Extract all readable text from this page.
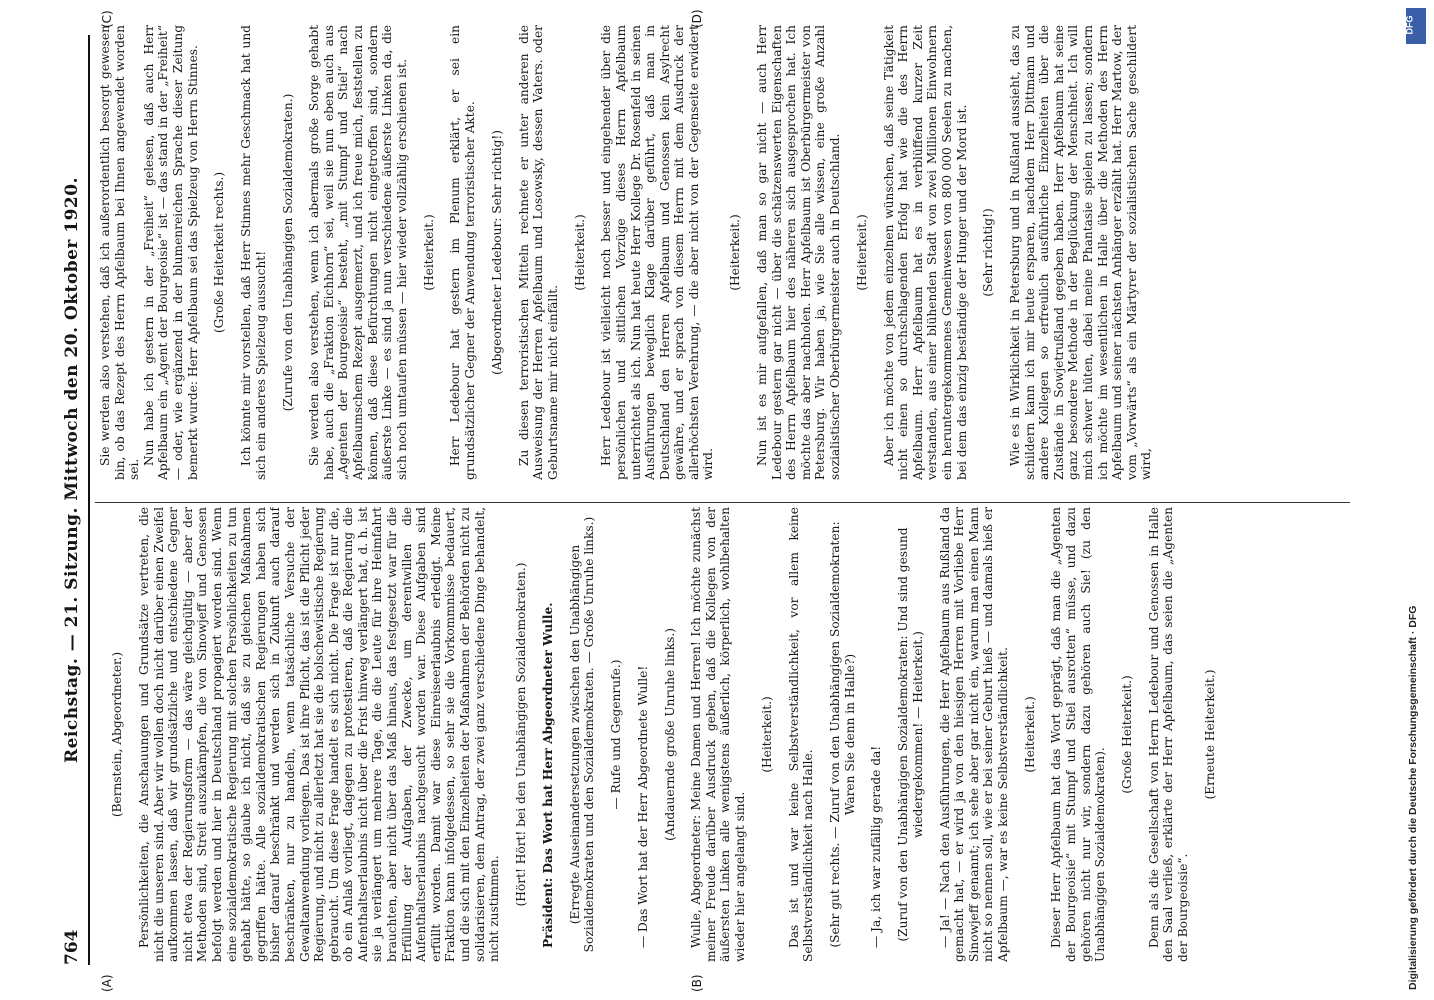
764
Reichstag. — 21. Sitzung. Mittwoch den 20. Oktober 1920. (Bernstein, Abgeordneter.) Persönlichkeiten, die Anschauungen und Grundsätze vertreten, die nicht die unseren sind. Aber wir wollen doch nicht darüber einen Zweifel aufkommen lassen, daß wir grundsätzliche und entschiedene Gegner nicht etwa der Regierungsform — das wäre gleichgültig — aber der Methoden sind, Streit auszukämpfen, die von Sinowjeff und Genossen befolgt werden und hier in Deutschland propagiert worden sind. Wenn eine sozialdemokratische Regierung mit solchen Persönlichkeiten zu tun gehabt hätte, so glaube ich nicht, daß sie zu gleichen Maßnahmen gegriffen hätte. Alle sozialdemokratischen Regierungen haben sich bisher darauf beschränkt und werden sich in Zukunft auch darauf beschränken, nur zu handeln, wenn tatsächliche Versuche der Gewaltanwendung vorliegen. Das ist ihre Pflicht, das ist die Pflicht jeder Regierung, und nicht zu allerletzt hat sie die bolschewistische Regierung gebraucht. Um diese Frage handelt es sich nicht. Die Frage ist nur die, ob ein Anlaß vorliegt, dagegen zu protestieren, daß die Regierung die Aufenthaltserlaubnis nicht über die Frist hinweg verlängert hat, d. h. ist sie ja verlängert um mehrere Tage, die die Leute für ihre Heimfahrt brauchten, aber nicht über das Maß hinaus, das festgesetzt war für die Erfüllung der Aufgaben, der Zwecke, um derentwillen die Aufenthaltserlaubnis nachgesucht worden war. Diese Aufgaben sind erfüllt worden. Damit war diese Einreiseerlaubnis erledigt. Meine Fraktion kann infolgedessen, so sehr sie die Vorkommnisse bedauert, und die sich mit den Einzelheiten der Maßnahmen der Behörden nicht zu solidarisieren, dem Antrag, der zwei ganz verschiedene Dinge behandelt, nicht zustimmen.

(Hört! Hört! bei den Unabhängigen Sozialdemokraten.) Präsident: Das Wort hat Herr Abgeordneter Wulle. (Erregte Auseinandersetzungen zwischen den Unabhängigen Sozialdemokraten und den Sozialdemokraten. — Große Unruhe links.) — Rufe und Gegenrufe.) — Das Wort hat der Herr Abgeordnete Wulle! (Andauernde große Unruhe links.) Wulle, Abgeordneter: Meine Damen und Herren! Ich möchte zunächst meiner Freude darüber Ausdruck geben, daß die Kollegen von der äußersten Linken alle wenigstens äußerlich, körperlich, wohlbehalten wieder hier angelangt sind.

(Heiterkeit.) Das ist und war keine Selbstverständlichkeit, vor allem keine Selbstverständlichkeit nach Halle. (Sehr gut rechts. — Zuruf von den Unabhängigen Sozialdemokraten: Waren Sie denn in Halle?)

— Ja, ich war zufällig gerade da! (Zuruf von den Unabhängigen Sozialdemokraten: Und sind gesund wiedergekommen! — Heiterkeit.) — Ja! — Nach den Ausführungen, die Herr Apfelbaum aus Rußland da gemacht hat, — er wird ja von den hiesigen Herren mit Vorliebe Herr Sinowjeff genannt; ich sehe aber gar nicht ein, warum man einen Mann nicht so nennen soll, wie er bei seiner Geburt hieß — und damals hieß er Apfelbaum —, war es keine Selbstverständlichkeit. (Heiterkeit.) Dieser Herr Apfelbaum hat das Wort geprägt, daß man die „Agenten der Bourgeoisie“ mit Stumpf und Stiel ausrotten“ müsse, und dazu gehören nicht nur wir, sondern dazu gehören auch Sie! (zu den Unabhängigen Sozialdemokraten).

(Große Heiterkeit.) Denn als die Gesellschaft von Herrn Ledebour und Genossen in Halle den Saal verließ, erklärte der Herr Apfelbaum, das seien die „Agenten der Bourgeoisie“.

(Erneute Heiterkeit.)

Sie werden also verstehen, daß ich außerordentlich besorgt gewesen bin, ob das Rezept des Herrn Apfelbaum bei Ihnen angewendet worden sei.

Nun habe ich gestern in der „Freiheit“ gelesen, daß auch Herr Apfelbaum ein „Agent der Bourgeoisie“ ist — das stand in der „Freiheit“ — oder, wie ergänzend in der blumenreichen Sprache dieser Zeitung bemerkt wurde: Herr Apfelbaum sei das Spielzeug von Herrn Stinnes. (Große Heiterkeit rechts.) Ich könnte mir vorstellen, daß Herr Stinnes mehr Geschmack hat und sich ein anderes Spielzeug aussucht! (Zurufe von den Unabhängigen Sozialdemokraten.) Sie werden also verstehen, wenn ich abermals große Sorge gehabt habe, auch die „Fraktion Eichhorn“ sei, weil sie nun eben auch aus „Agenten der Bourgeoisie“ besteht, „mit Stumpf und Stiel“ nach Apfelbaumschem Rezept ausgemerzt, und ich freue mich, feststellen zu können, daß diese Befürchtungen nicht eingetroffen sind, sondern äußerste Linke — es sind ja nun verschiedene äußerste Linken da, die sich noch umtaufen müssen — hier wieder vollzählig erschienen ist. (Heiterkeit.) Herr Ledebour hat gestern im Plenum erklärt, er sei ein grundsätzlicher Gegner der Anwendung terroristischer Akte. (Abgeordneter Ledebour: Sehr richtig!) Zu diesen terroristischen Mitteln rechnete er unter anderen die Ausweisung der Herren Apfelbaum und Losowsky, dessen Vaters. oder Geburtsname mir nicht einfällt.

(Heiterkeit.) Herr Ledebour ist vielleicht noch besser und eingehender über die persönlichen und sittlichen Vorzüge dieses Herrn Apfelbaum unterrichtet als ich. Nun hat heute Herr Kollege Dr. Rosenfeld in seinen Ausführungen beweglich Klage darüber geführt, daß man in Deutschland den Herren Apfelbaum und Genossen kein Asylrecht gewähre, und er sprach von diesem Herrn mit dem Ausdruck der allerhöchsten Verehrung, — die aber nicht von der Gegenseite erwidert wird.

(Heiterkeit.) Nun ist es mir aufgefallen, daß man so gar nicht — auch Herr Ledebour gestern gar nicht — über die schätzenswerten Eigenschaften des Herrn Apfelbaum hier des näheren sich ausgesprochen hat. Ich möchte das aber nachholen. Herr Apfelbaum ist Oberbürgermeister von Petersburg. Wir haben ja, wie Sie alle wissen, eine große Anzahl sozialistischer Oberbürgermeister auch in Deutschland. (Heiterkeit.) Aber ich möchte von jedem einzelnen wünschen, daß seine Tätigkeit nicht einen so durchschlagenden Erfolg hat wie die des Herrn Apfelbaum. Herr Apfelbaum hat es in verblüffend kurzer Zeit verstanden, aus einer blühenden Stadt von zwei Millionen Einwohnern ein heruntergekommenes Gemeinwesen von 800 000 Seelen zu machen, bei dem das einzig beständige der Hunger und der Mord ist. (Sehr richtig!) Wie es in Wirklichkeit in Petersburg und in Rußland aussieht, das zu schildern kann ich mir heute ersparen, nachdem Herr Dittmann und andere Kollegen so erfreulich ausführliche Einzelheiten über die Zustände in Sowjetrußland gegeben haben. Herr Apfelbaum hat seine ganz besondere Methode in der Beglückung der Menschheit. Ich will mich schwer hüten, dabei meine Phantasie spielen zu lassen; sondern ich möchte im wesentlichen in Halle über die Methoden des Herrn Apfelbaum und seiner nächsten Anhänger erzählt hat. Herr Martow, der vom „Vorwärts“ als ein Märtyrer der sozialistischen Sache geschildert wird,

(A)	(B)
(C)	(D)	DFG
Digitalisierung gefördert durch die Deutsche Forschungsgemeinschaft · DFG
